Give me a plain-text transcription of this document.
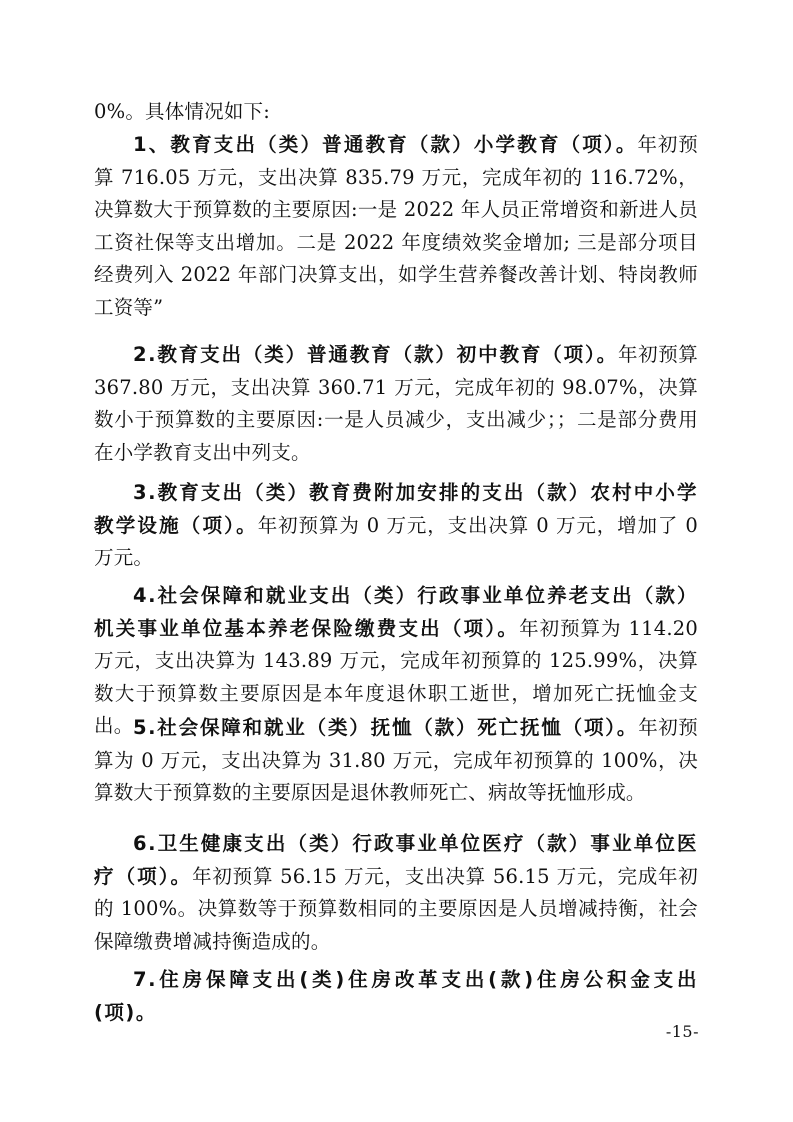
0%。具体情况如下:
1、教育支出（类）普通教育（款）小学教育（项）。年初预算 716.05 万元，支出决算 835.79 万元，完成年初的 116.72%，决算数大于预算数的主要原因:一是 2022 年人员正常增资和新进人员工资社保等支出增加。二是 2022 年度绩效奖金增加; 三是部分项目经费列入 2022 年部门决算支出，如学生营养餐改善计划、特岗教师工资等”
2.教育支出（类）普通教育（款）初中教育（项）。年初预算 367.80 万元，支出决算 360.71 万元，完成年初的 98.07%，决算数小于预算数的主要原因:一是人员减少，支出减少；；二是部分费用在小学教育支出中列支。
3.教育支出（类）教育费附加安排的支出（款）农村中小学教学设施（项）。年初预算为 0 万元，支出决算 0 万元，增加了 0 万元。
4.社会保障和就业支出（类）行政事业单位养老支出（款）机关事业单位基本养老保险缴费支出（项）。年初预算为 114.20 万元，支出决算为 143.89 万元，完成年初预算的 125.99%，决算数大于预算数主要原因是本年度退休职工逝世，增加死亡抚恤金支出。 5.社会保障和就业（类）抚恤（款）死亡抚恤（项）。年初预算为 0 万元，支出决算为 31.80 万元，完成年初预算的 100%，决算数大于预算数的主要原因是退休教师死亡、病故等抚恤形成。
6.卫生健康支出（类）行政事业单位医疗（款）事业单位医疗（项）。年初预算 56.15 万元，支出决算 56.15 万元，完成年初的 100%。决算数等于预算数相同的主要原因是人员增减持衡，社会保障缴费增减持衡造成的。
7.住房保障支出(类)住房改革支出(款)住房公积金支出(项)。
-15-
